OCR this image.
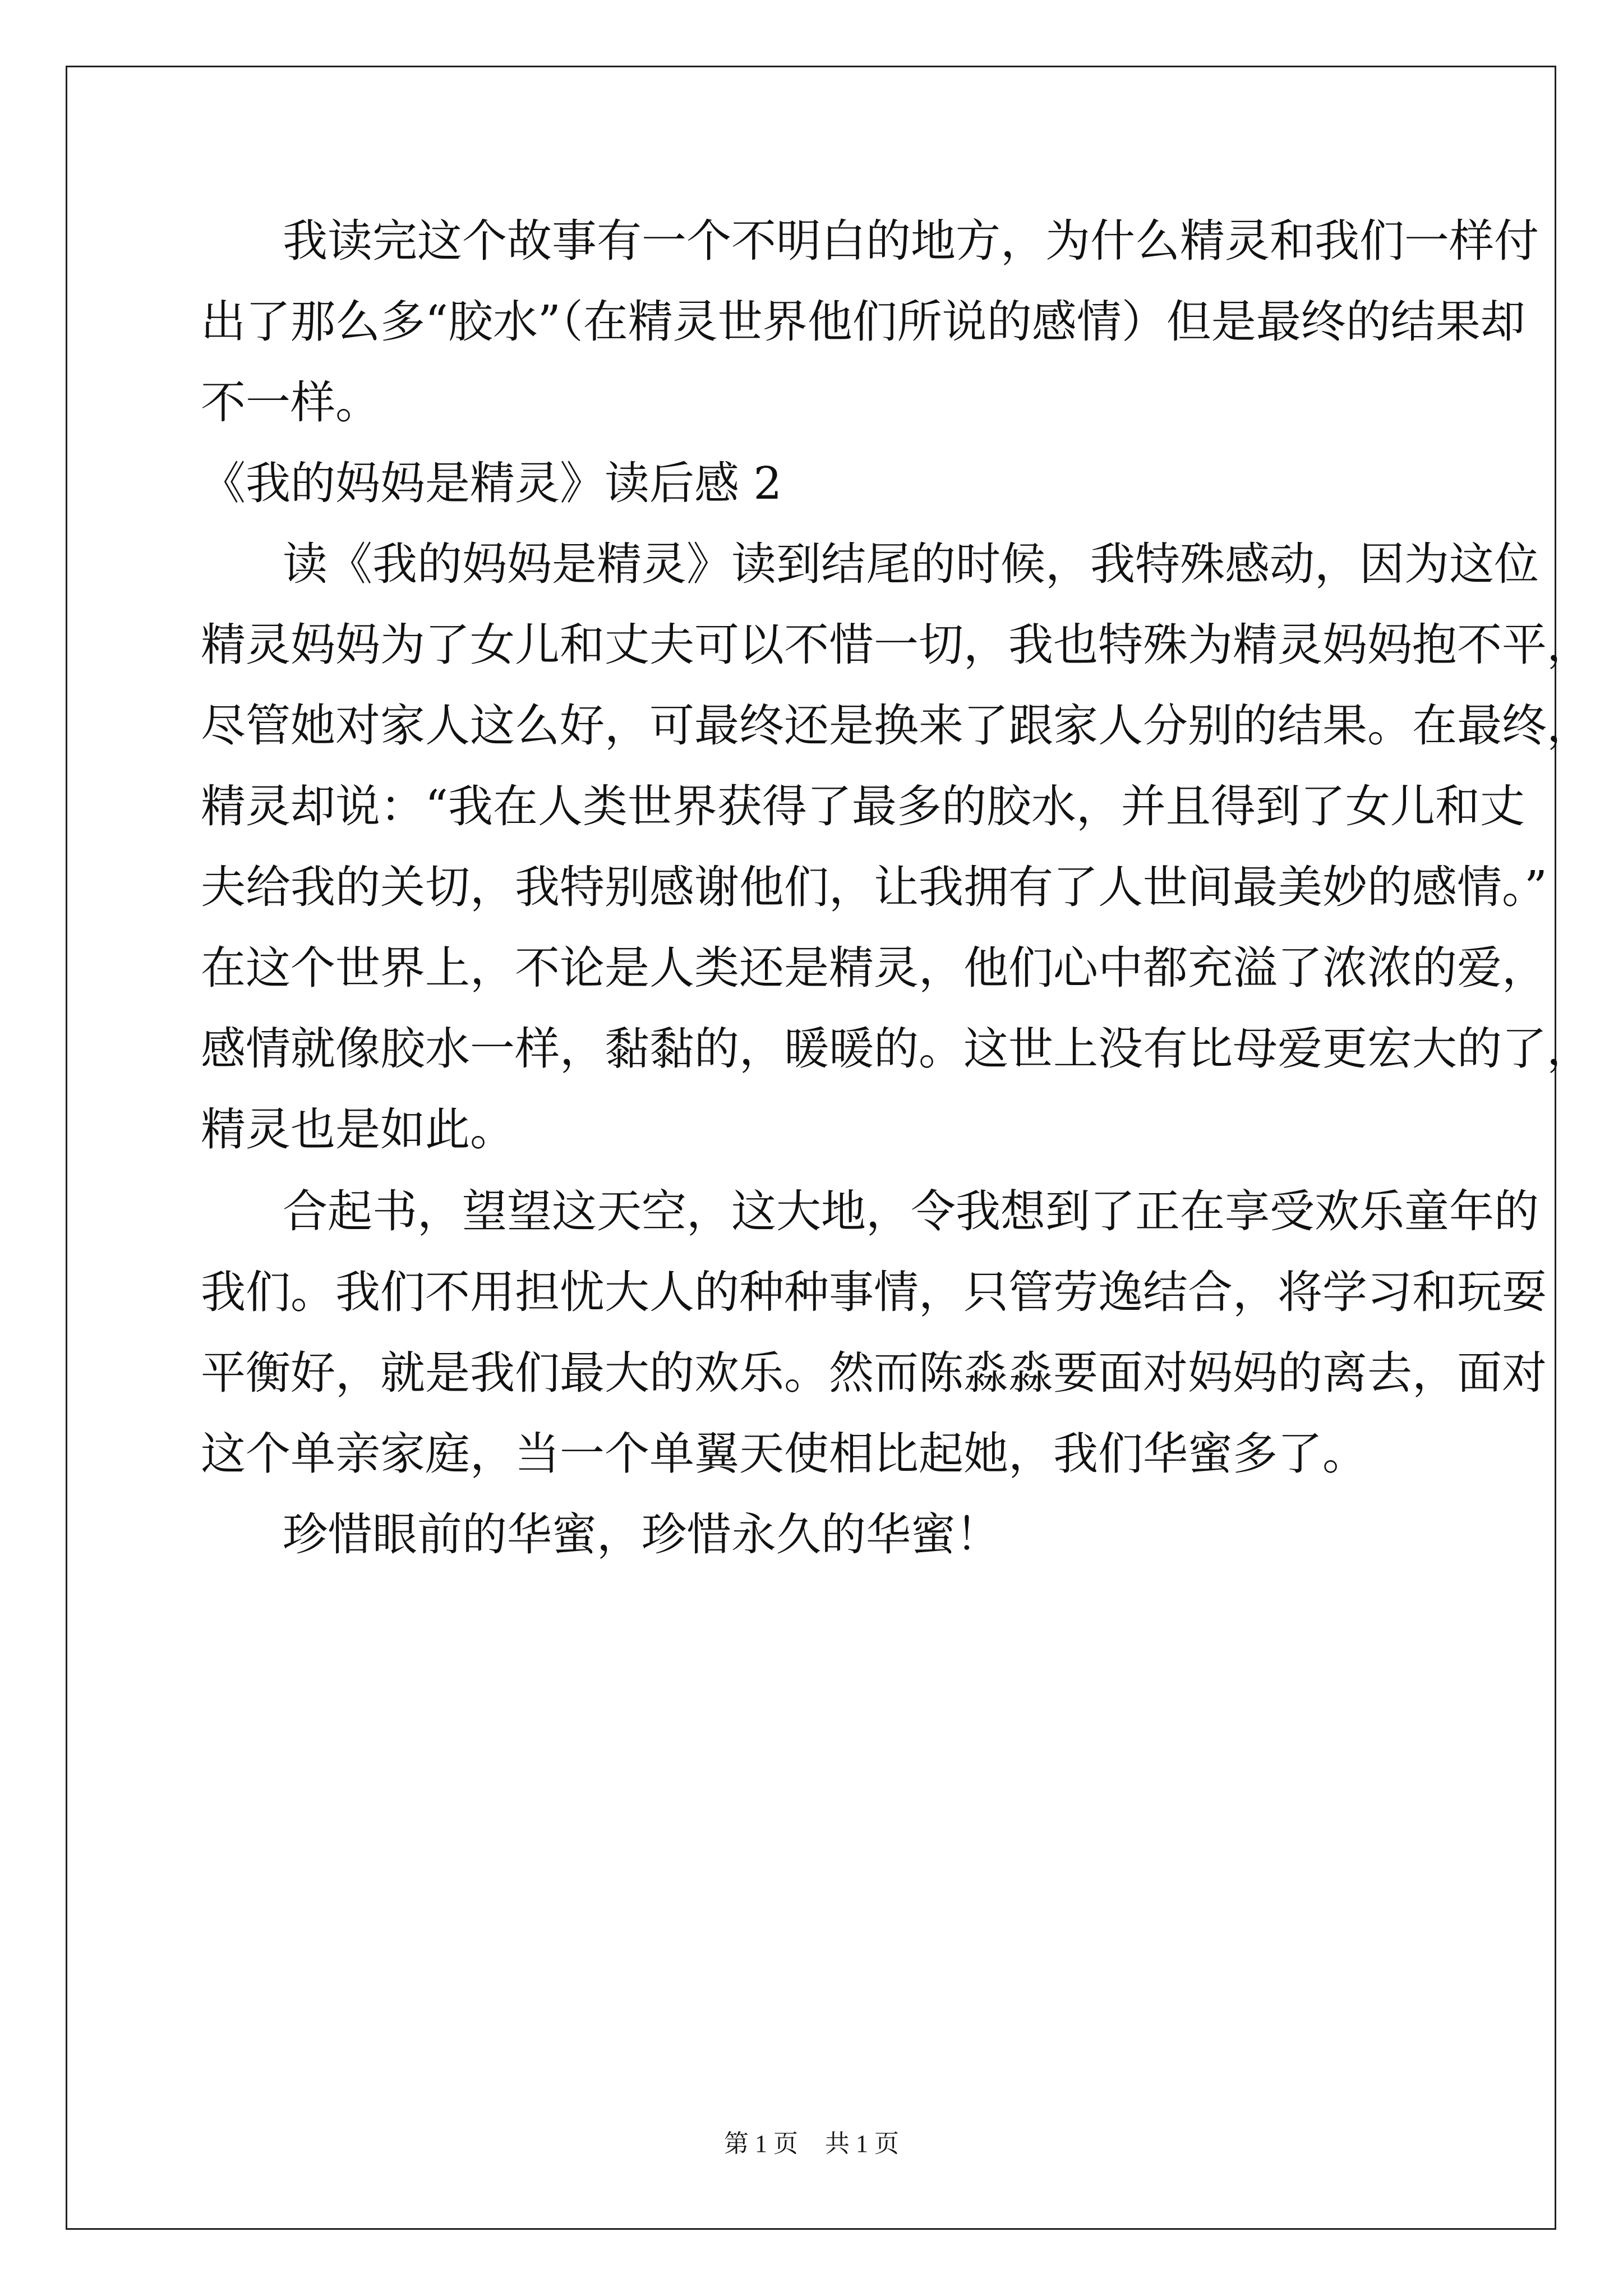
我读完这个故事有一个不明白的地方，为什么精灵和我们一样付
出了那么多“胶水”（在精灵世界他们所说的感情）但是最终的结果却
不一样。
《我的妈妈是精灵》读后感 2
读《我的妈妈是精灵》读到结尾的时候，我特殊感动，因为这位
精灵妈妈为了女儿和丈夫可以不惜一切，我也特殊为精灵妈妈抱不平，
尽管她对家人这么好，可最终还是换来了跟家人分别的结果。在最终，
精灵却说：“我在人类世界获得了最多的胶水，并且得到了女儿和丈
夫给我的关切，我特别感谢他们，让我拥有了人世间最美妙的感情。”
在这个世界上，不论是人类还是精灵，他们心中都充溢了浓浓的爱，
感情就像胶水一样，黏黏的，暖暖的。这世上没有比母爱更宏大的了，
精灵也是如此。
合起书，望望这天空，这大地，令我想到了正在享受欢乐童年的
我们。我们不用担忧大人的种种事情，只管劳逸结合，将学习和玩耍
平衡好，就是我们最大的欢乐。然而陈淼淼要面对妈妈的离去，面对
这个单亲家庭，当一个单翼天使相比起她，我们华蜜多了。
珍惜眼前的华蜜，珍惜永久的华蜜！
第 1 页 共 1 页
